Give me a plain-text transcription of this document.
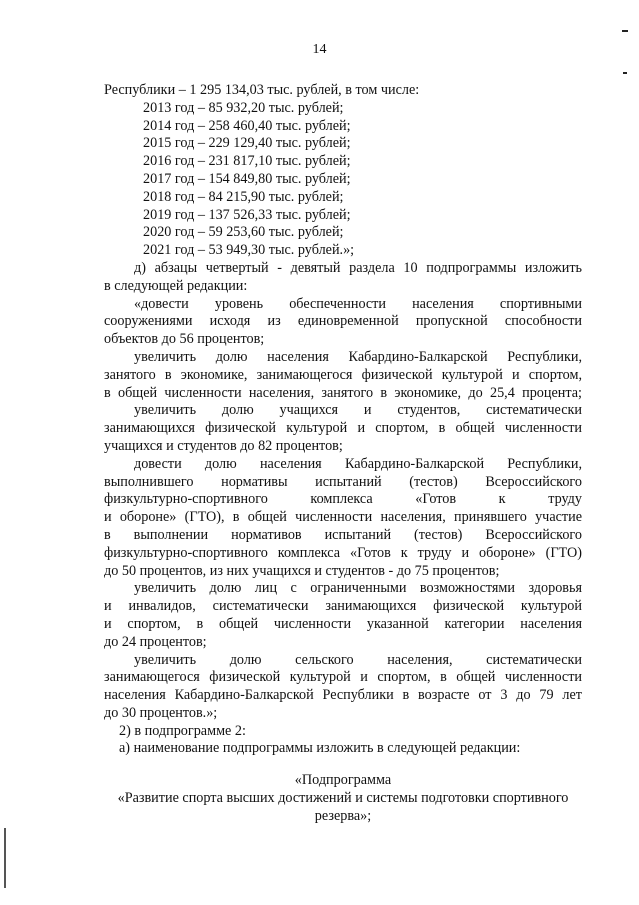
14
Республики – 1 295 134,03 тыс. рублей, в том числе:
2013 год – 85 932,20 тыс. рублей;
2014 год – 258 460,40 тыс. рублей;
2015 год – 229 129,40 тыс. рублей;
2016 год – 231 817,10 тыс. рублей;
2017 год – 154 849,80 тыс. рублей;
2018 год – 84 215,90 тыс. рублей;
2019 год – 137 526,33 тыс. рублей;
2020 год – 59 253,60 тыс. рублей;
2021 год – 53 949,30 тыс. рублей.»;
д) абзацы четвертый - девятый раздела 10 подпрограммы изложить
в следующей редакции:
«довести уровень обеспеченности населения спортивными
сооружениями исходя из единовременной пропускной способности
объектов до 56 процентов;
увеличить долю населения Кабардино-Балкарской Республики,
занятого в экономике, занимающегося физической культурой и спортом,
в общей численности населения, занятого в экономике, до 25,4 процента;
увеличить долю учащихся и студентов, систематически
занимающихся физической культурой и спортом, в общей численности
учащихся и студентов до 82 процентов;
довести долю населения Кабардино-Балкарской Республики,
выполнившего нормативы испытаний (тестов) Всероссийского
физкультурно-спортивного комплекса «Готов к труду
и обороне» (ГТО), в общей численности населения, принявшего участие
в выполнении нормативов испытаний (тестов) Всероссийского
физкультурно-спортивного комплекса «Готов к труду и обороне» (ГТО)
до 50 процентов, из них учащихся и студентов - до 75 процентов;
увеличить долю лиц с ограниченными возможностями здоровья
и инвалидов, систематически занимающихся физической культурой
и спортом, в общей численности указанной категории населения
до 24 процентов;
увеличить долю сельского населения, систематически
занимающегося физической культурой и спортом, в общей численности
населения Кабардино-Балкарской Республики в возрасте от 3 до 79 лет
до 30 процентов.»;
2) в подпрограмме 2:
а) наименование подпрограммы изложить в следующей редакции:
«Подпрограмма
«Развитие спорта высших достижений и системы подготовки спортивного
резерва»;
